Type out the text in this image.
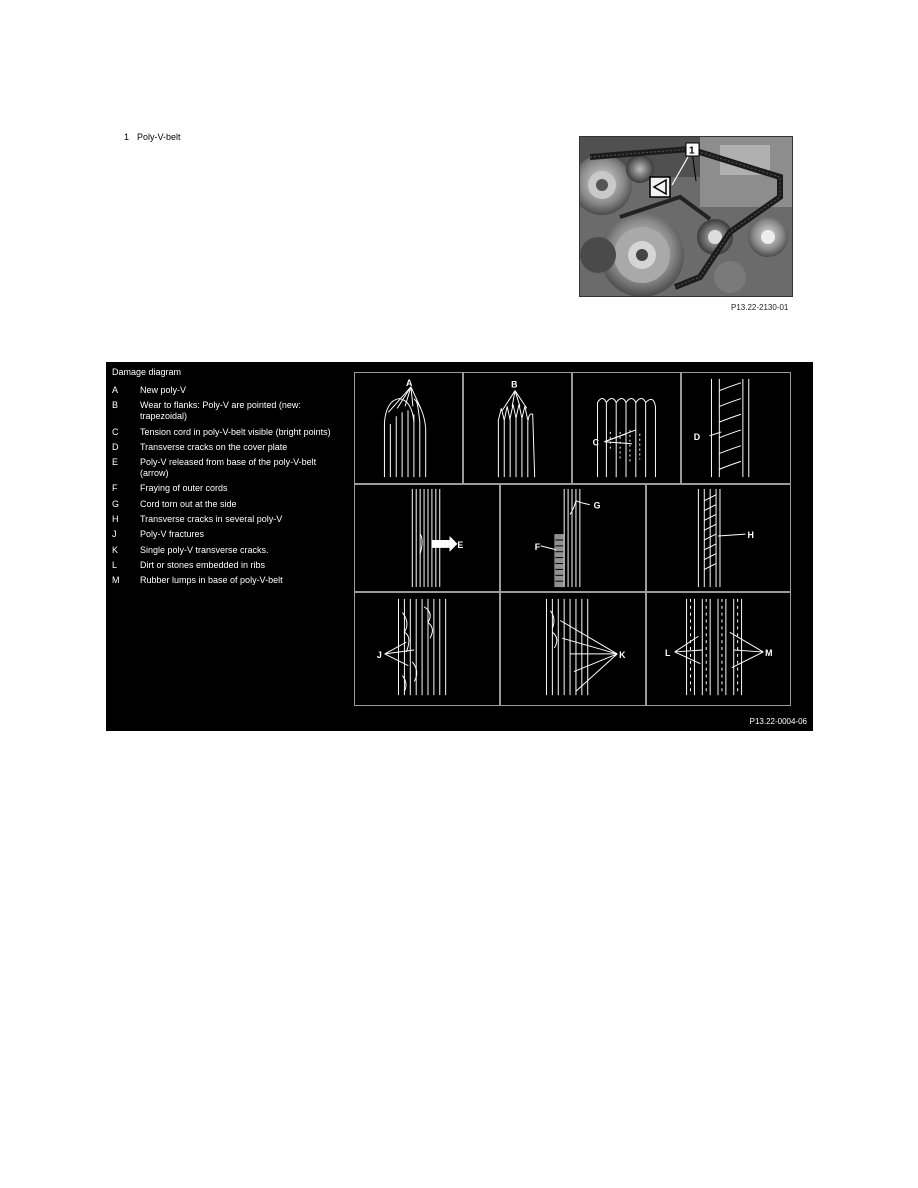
1 Poly-V-belt
1
P13.22-2130-01
Damage diagram
A	New poly-V
B	Wear to flanks: Poly-V are pointed (new: trapezoidal)
C	Tension cord in poly-V-belt visible (bright points)
D	Transverse cracks on the cover plate
E	Poly-V released from base of the poly-V-belt (arrow)
F	Fraying of outer cords
G	Cord torn out at the side
H	Transverse cracks in several poly-V
J	Poly-V fractures
K	Single poly-V transverse cracks.
L	Dirt or stones embedded in ribs
M	Rubber lumps in base of poly-V-belt
A	B
C
D
E
G
F
H
J	K	L	M
P13.22-0004-06
